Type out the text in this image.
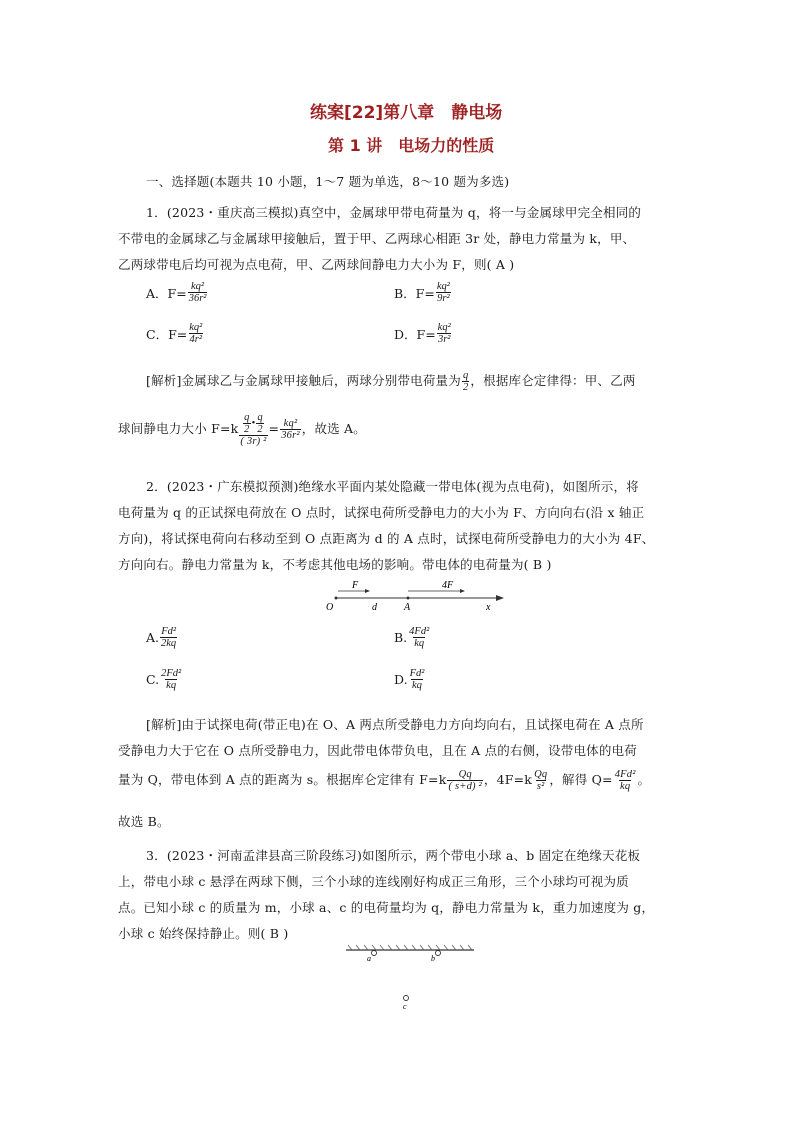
练案[22]第八章　静电场
第 1 讲　电场力的性质
一、选择题(本题共 10 小题，1～7 题为单选，8～10 题为多选)
1．(2023・重庆高三模拟)真空中，金属球甲带电荷量为 q，将一与金属球甲完全相同的
不带电的金属球乙与金属球甲接触后，置于甲、乙两球心相距 3r 处，静电力常量为 k，甲、
乙两球带电后均可视为点电荷，甲、乙两球间静电力大小为 F，则( A )
A．$F= \frac{\text{kq²}}{\text{36r²}}$	B．$F= \frac{\text{kq²}}{\text{9r²}}$
C．$F= \frac{\text{kq²}}{\text{4r²}}$	D．$F= \frac{\text{kq²}}{\text{3r²}}$
[解析]金属球乙与金属球甲接触后，两球分别带电荷量为 $\frac{q}{2}$ ，根据库仑定律得：甲、乙两
球间静电力大小 $F=k \frac{\frac{q}{2} • \frac{q}{2}}{\text{( 3r) ²}} = \frac{\text{kq²}}{\text{36r²}}$ ，故选 A。
2．(2023・广东模拟预测)绝缘水平面内某处隐藏一带电体(视为点电荷)，如图所示，将
电荷量为 q 的正试探电荷放在 O 点时，试探电荷所受静电力的大小为 F、方向向右(沿 x 轴正
方向)，将试探电荷向右移动至到 O 点距离为 d 的 A 点时，试探电荷所受静电力的大小为 4F、
方向向右。静电力常量为 k，不考虑其他电场的影响。带电体的电荷量为( B )
O
F
d	A
4F
x
A. $\frac{\text{Fd²}}{2kq}$	B. $\frac{\text{4Fd²}}{kq}$
C. $\frac{\text{2Fd²}}{kq}$	D. $\frac{\text{Fd²}}{kq}$
[解析]由于试探电荷(带正电)在 O、A 两点所受静电力方向均向右，且试探电荷在 A 点所
受静电力大于它在 O 点所受静电力，因此带电体带负电，且在 A 点的右侧，设带电体的电荷
量为 Q，带电体到 A 点的距离为 s。根据库仑定律有 $F=k \frac{Qq}{\text{( s+d) ²}}$ ，$4F=k \frac{Qq}{\text{s²}}$ ，解得 $Q= \frac{\text{4Fd²}}{kq}$ 。
故选 B。
3．(2023・河南孟津县高三阶段练习)如图所示，两个带电小球 a、b 固定在绝缘天花板
上，带电小球 c 悬浮在两球下侧，三个小球的连线刚好构成正三角形，三个小球均可视为质
点。已知小球 c 的质量为 m，小球 a、c 的电荷量均为 q，静电力常量为 k，重力加速度为 g，
小球 c 始终保持静止。则( B )
a	b
c
